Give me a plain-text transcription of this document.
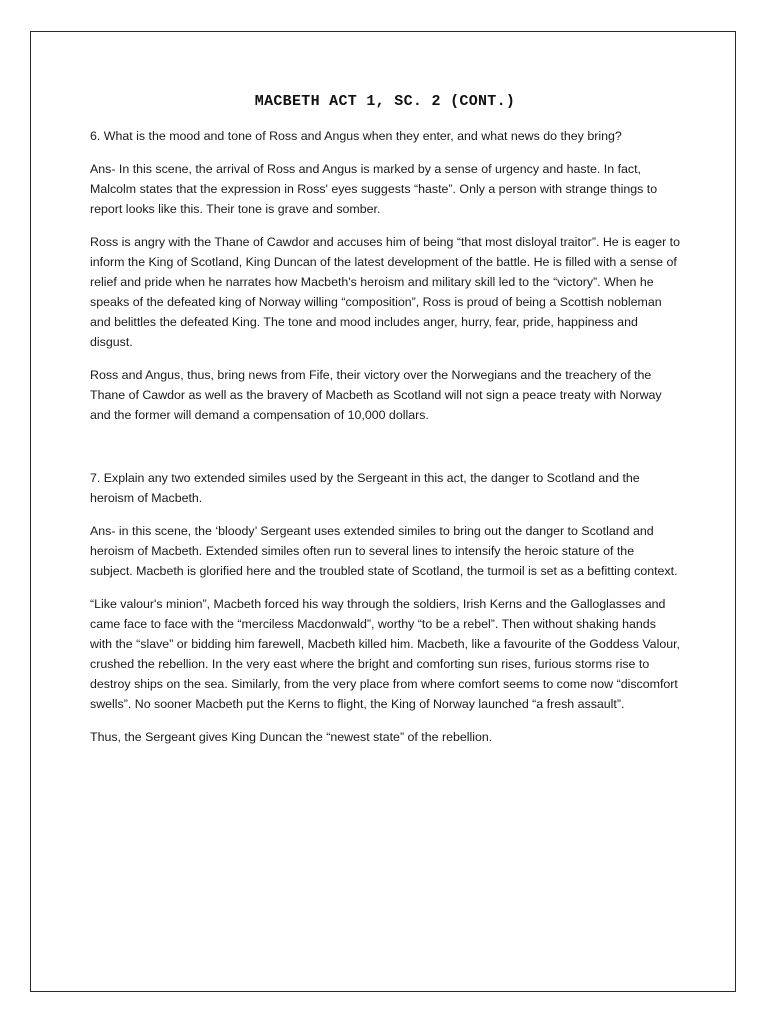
MACBETH ACT 1, SC. 2 (CONT.)

6. What is the mood and tone of Ross and Angus when they enter, and what news do they bring?

Ans- In this scene, the arrival of Ross and Angus is marked by a sense of urgency and haste. In fact, Malcolm states that the expression in Ross' eyes suggests “haste”. Only a person with strange things to report looks like this. Their tone is grave and somber.

Ross is angry with the Thane of Cawdor and accuses him of being “that most disloyal traitor”. He is eager to inform the King of Scotland, King Duncan of the latest development of the battle. He is filled with a sense of relief and pride when he narrates how Macbeth's heroism and military skill led to the “victory”. When he speaks of the defeated king of Norway willing “composition”, Ross is proud of being a Scottish nobleman and belittles the defeated King. The tone and mood includes anger, hurry, fear, pride, happiness and disgust.

Ross and Angus, thus, bring news from Fife, their victory over the Norwegians and the treachery of the Thane of Cawdor as well as the bravery of Macbeth as Scotland will not sign a peace treaty with Norway and the former will demand a compensation of 10,000 dollars.

7. Explain any two extended similes used by the Sergeant in this act, the danger to Scotland and the heroism of Macbeth.

Ans- in this scene, the ‘bloody’ Sergeant uses extended similes to bring out the danger to Scotland and heroism of Macbeth. Extended similes often run to several lines to intensify the heroic stature of the subject. Macbeth is glorified here and the troubled state of Scotland, the turmoil is set as a befitting context.

“Like valour's minion”, Macbeth forced his way through the soldiers, Irish Kerns and the Galloglasses and came face to face with the “merciless Macdonwald”, worthy “to be a rebel”. Then without shaking hands with the “slave” or bidding him farewell, Macbeth killed him. Macbeth, like a favourite of the Goddess Valour, crushed the rebellion. In the very east where the bright and comforting sun rises, furious storms rise to destroy ships on the sea. Similarly, from the very place from where comfort seems to come now “discomfort swells”. No sooner Macbeth put the Kerns to flight, the King of Norway launched “a fresh assault”.

Thus, the Sergeant gives King Duncan the “newest state” of the rebellion.
